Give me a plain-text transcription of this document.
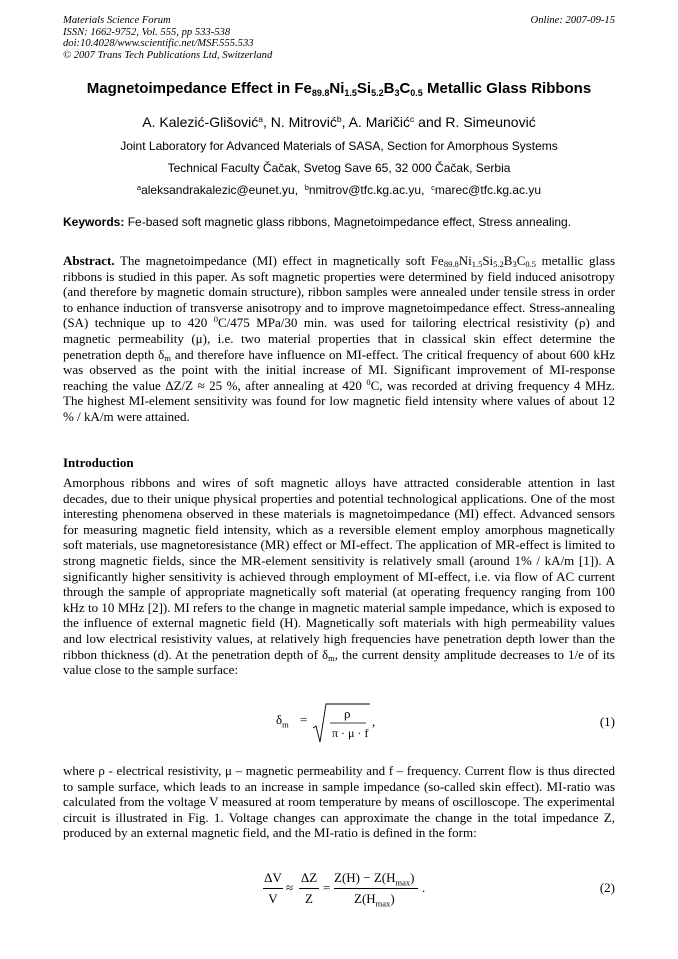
Materials Science Forum
ISSN: 1662-9752, Vol. 555, pp 533-538
doi:10.4028/www.scientific.net/MSF.555.533
© 2007 Trans Tech Publications Ltd, Switzerland
Online: 2007-09-15
Magnetoimpedance Effect in $Fe_{89.8}Ni_{1.5}Si_{5.2}B_3C_{0.5}$ Metallic Glass Ribbons
A. Kalezić-Glišović$^a$, N. Mitrović$^b$, A. Maričić$^c$ and R. Simeunović
Joint Laboratory for Advanced Materials of SASA, Section for Amorphous Systems
Technical Faculty Čačak, Svetog Save 65, 32 000 Čačak, Serbia
$^a$aleksandrakalezic@eunet.yu, $^b$nmitrov@tfc.kg.ac.yu, $^c$marec@tfc.kg.ac.yu
Keywords: Fe-based soft magnetic glass ribbons, Magnetoimpedance effect, Stress annealing.
Abstract. The magnetoimpedance (MI) effect in magnetically soft $Fe_{89.8}Ni_{1.5}Si_{5.2}B_3C_{0.5}$ metallic glass ribbons is studied in this paper. As soft magnetic properties were determined by field induced anisotropy (and therefore by magnetic domain structure), ribbon samples were annealed under tensile stress in order to enhance induction of transverse anisotropy and to improve magnetoimpedance effect. Stress-annealing (SA) technique up to 420 $^0$C/475 MPa/30 min. was used for tailoring electrical resistivity (ρ) and magnetic permeability (μ), i.e. two material properties that in classical skin effect determine the penetration depth $\delta_m$ and therefore have influence on MI-effect. The critical frequency of about 600 kHz was observed as the point with the initial increase of MI. Significant improvement of MI-response reaching the value ΔZ/Z ≈ 25 %, after annealing at 420 $^0$C, was recorded at driving frequency 4 MHz. The highest MI-element sensitivity was found for low magnetic field intensity where values of about 12 % / kA/m were attained.
Introduction
Amorphous ribbons and wires of soft magnetic alloys have attracted considerable attention in last decades, due to their unique physical properties and potential technological applications. One of the most interesting phenomena observed in these materials is magnetoimpedance (MI) effect. Advanced sensors for measuring magnetic field intensity, which as a reversible element employ amorphous magnetically soft materials, use magnetoresistance (MR) effect or MI-effect. The application of MR-effect is limited to strong magnetic fields, since the MR-element sensitivity is relatively small (around 1% / kA/m [1]). A significantly higher sensitivity is achieved through employment of MI-effect, i.e. via flow of AC current through the sample of appropriate magnetically soft material (at operating frequency ranging from 100 kHz to 10 MHz [2]). MI refers to the change in magnetic material sample impedance, which is exposed to the influence of external magnetic field (H). Magnetically soft materials with high permeability values and low electrical resistivity values, at relatively high frequencies have penetration depth lower than the ribbon thickness (d). At the penetration depth of $\delta_m$, the current density amplitude decreases to 1/e of its value close to the sample surface:
$\delta_m$ =	ρ
π · μ · f
,	(1)
where ρ - electrical resistivity, μ – magnetic permeability and f – frequency. Current flow is thus directed to sample surface, which leads to an increase in sample impedance (so-called skin effect). MI-ratio was calculated from the voltage V measured at room temperature by means of oscilloscope. The experimental circuit is illustrated in Fig. 1. Voltage changes can approximate the change in the total impedance Z, produced by an external magnetic field, and the MI-ratio is defined in the form:
ΔV
V
≈
ΔZ
Z
=
$Z(H) - Z(H_{max})$
$Z(H_{max})$
.	(2)
